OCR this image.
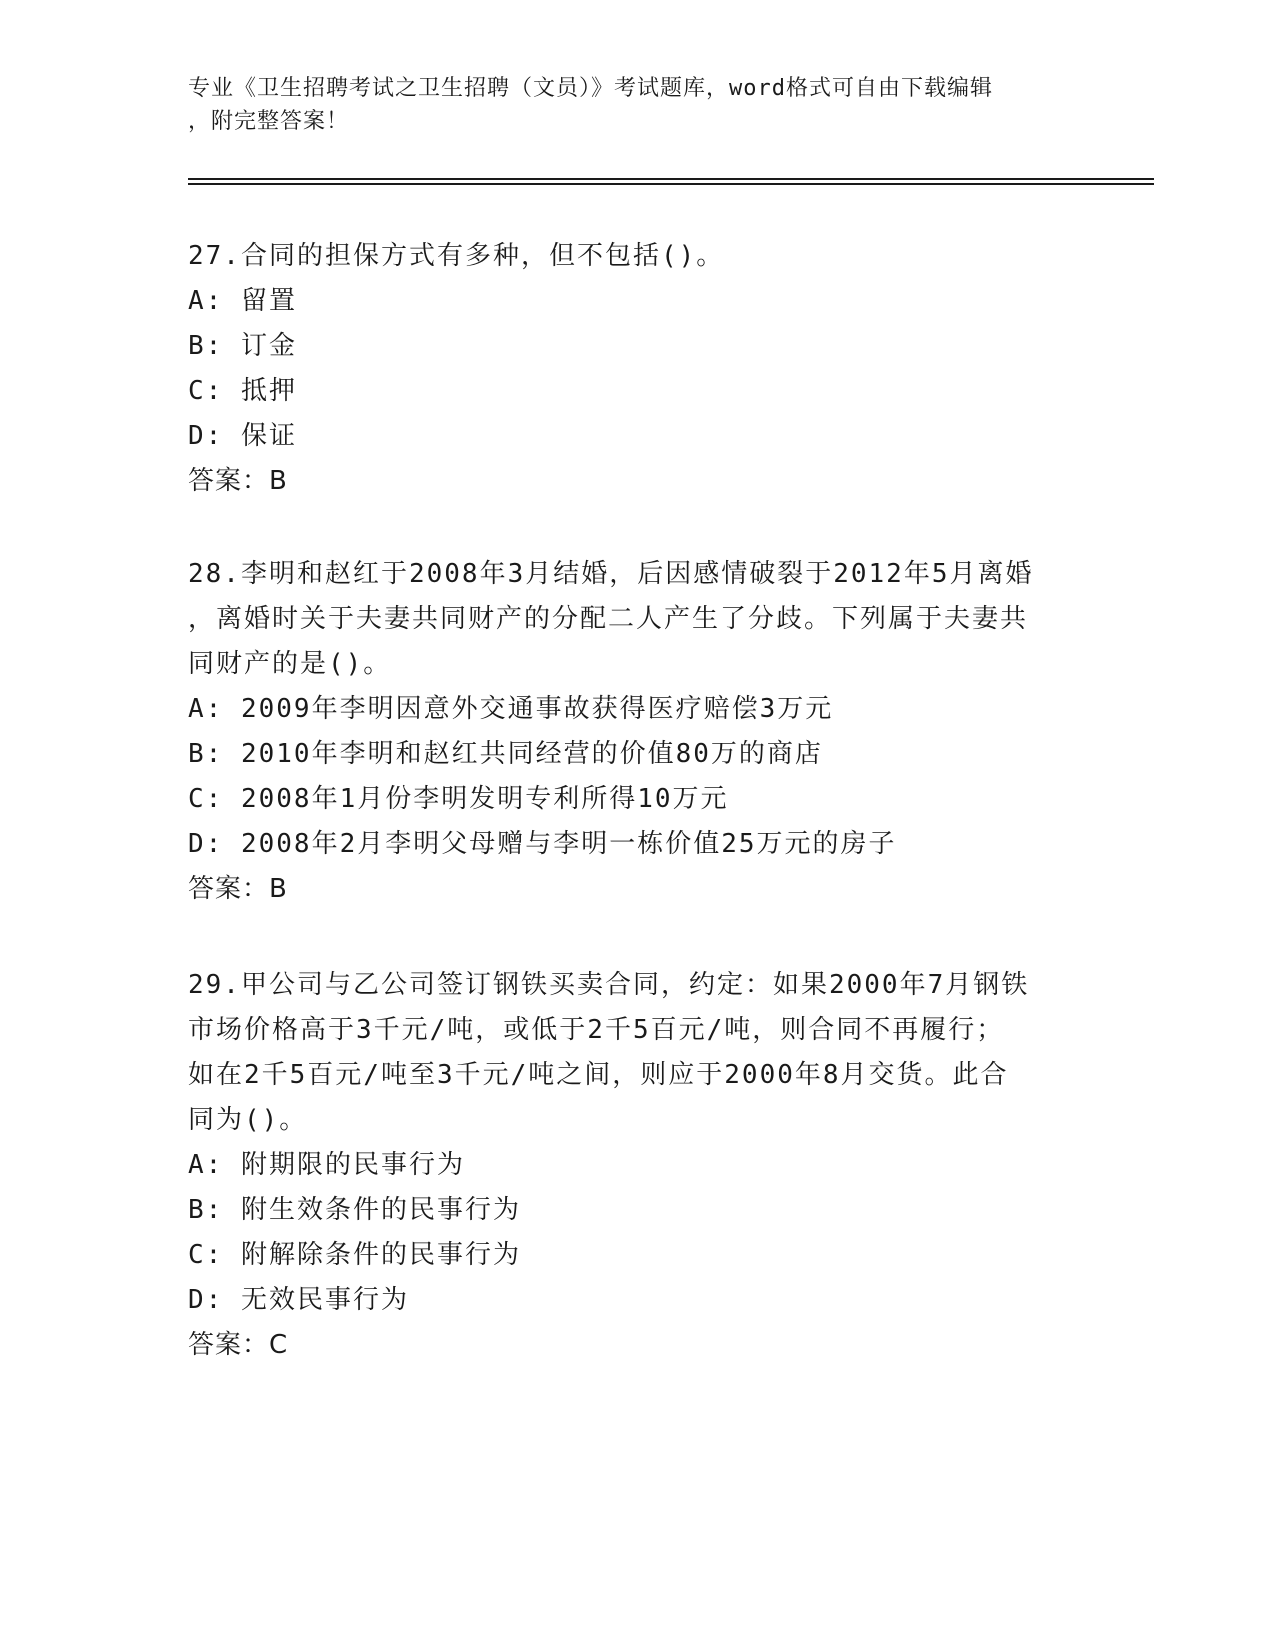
专业《卫生招聘考试之卫生招聘（文员）》考试题库，word格式可自由下载编辑
，附完整答案！
27.合同的担保方式有多种，但不包括()。
A: 留置
B: 订金
C: 抵押
D: 保证
答案：B
28.李明和赵红于2008年3月结婚，后因感情破裂于2012年5月离婚
，离婚时关于夫妻共同财产的分配二人产生了分歧。下列属于夫妻共
同财产的是()。
A: 2009年李明因意外交通事故获得医疗赔偿3万元
B: 2010年李明和赵红共同经营的价值80万的商店
C: 2008年1月份李明发明专利所得10万元
D: 2008年2月李明父母赠与李明一栋价值25万元的房子
答案：B
29.甲公司与乙公司签订钢铁买卖合同，约定：如果2000年7月钢铁
市场价格高于3千元/吨，或低于2千5百元/吨，则合同不再履行；
如在2千5百元/吨至3千元/吨之间，则应于2000年8月交货。此合
同为()。
A: 附期限的民事行为
B: 附生效条件的民事行为
C: 附解除条件的民事行为
D: 无效民事行为
答案：C
